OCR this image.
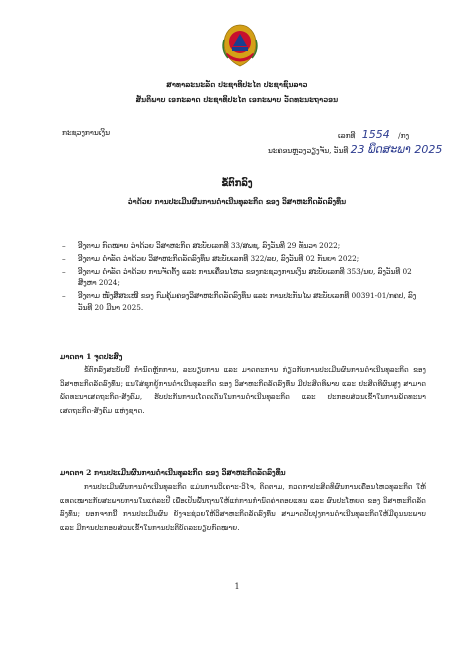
ສາທາລະນະລັດ ປະຊາທິປະໄຕ ປະຊາຊົນລາວ
ສັນຕິພາບ ເອກະລາດ ປະຊາທິປະໄຕ ເອກະພາບ ວັດທະນະຖາວອນ
ກະຊວງການເງິນ	ເລກທີ 1554 /ກງ
ນະຄອນຫຼວງວຽງຈັນ, ວັນທີ 23 ພຶດສະພາ 2025
ຂໍ້ຕົກລົງ
ວ່າດ້ວຍ ການປະເມີນຜົນການດຳເນີນທຸລະກິດ ຂອງ ວິສາຫະກິດລັດລົງທຶນ
– ອີງຕາມ ກົດໝາຍ ວ່າດ້ວຍ ວິສາຫະກິດ ສະບັບເລກທີ 33/ສພຊ, ລົງວັນທີ 29 ທັນວາ 2022;
– ອີງຕາມ ດຳລັດ ວ່າດ້ວຍ ວິສາຫະກິດລັດລົງທຶນ ສະບັບເລກທີ 322/ລບ, ລົງວັນທີ 02 ກັນຍາ 2022;
– ອີງຕາມ ດຳລັດ ວ່າດ້ວຍ ການຈັດຕັ້ງ ແລະ ການເຄື່ອນໄຫວ ຂອງກະຊວງການເງິນ ສະບັບເລກທີ 353/ນຍ, ລົງວັນທີ 02 ສິງຫາ 2024;
– ອີງຕາມ ໜັງສືສະເໜີ ຂອງ ກົມຄຸ້ມຄອງວິສາຫະກິດລັດລົງທຶນ ແລະ ການປະກັນໄພ ສະບັບເລກທີ 00391-01/ກຄປ, ລົງວັນທີ 20 ມີນາ 2025.
ມາດຕາ 1 ຈຸດປະສົງ
ຂໍ້ຕົກລົງສະບັບນີ້ ກຳນົດຫຼັກການ, ລະບຽບການ ແລະ ມາດຕະການ ກ່ຽວກັບການປະເມີນຜົນການດຳເນີນທຸລະກິດ ຂອງ ວິສາຫະກິດລັດລົງທຶນ; ແນໃສ່ຊຸກຍູ້ການດຳເນີນທຸລະກິດ ຂອງ ວິສາຫະກິດລັດລົງທຶນ ມີປະສິດທິພາບ ແລະ ປະສິດທິຜົນສູງ ສາມາດພັດທະນາເສດຖະກິດ-ສັງຄົມ, ຮັບປະກັນການເໂດດເດັ່ນໃນການດຳເນີນທຸລະກິດ ແລະ ປະກອບສ່ວນເຂົ້າໃນການພັດທະນາເສດຖະກິດ-ສັງຄົມ ແຫ່ງຊາດ.
ມາດຕາ 2 ການປະເມີນຜົນການດຳເນີນທຸລະກິດ ຂອງ ວິສາຫະກິດລັດລົງທຶນ
ການປະເມີນຜົນການດຳເນີນທຸລະກິດ ແມ່ນການວິເຄາະ-ວິໄຈ, ຕິດຕາມ, ກວດກາປະສິດທິຜົນການເຄື່ອນໄຫວທຸລະກິດ ໃຫ້ແທດເໝາະກັບສະພາບການໃນແຕ່ລະປີ ເພື່ອເປັນພື້ນຖານໃຫ້ແກ່ການກຳນົດຄ່າຕອບແທນ ແລະ ຜົນປະໂຫຍດ ຂອງ ວິສາຫະກິດລັດລົງທຶນ; ບອກຈາກນີ້ ການປະເມີນຜົນ ຍັງຈະຊ່ວຍໃຫ້ວິສາຫະກິດລັດລົງທຶນ ສາມາດປັບປຸງການດຳເນີນທຸລະກິດໃຫ້ມີຄຸນນະພາບ ແລະ ມີການປະກອບສ່ວນເຂົ້າໃນການປະຕິບັດລະບຽບກົດໝາຍ.
1
